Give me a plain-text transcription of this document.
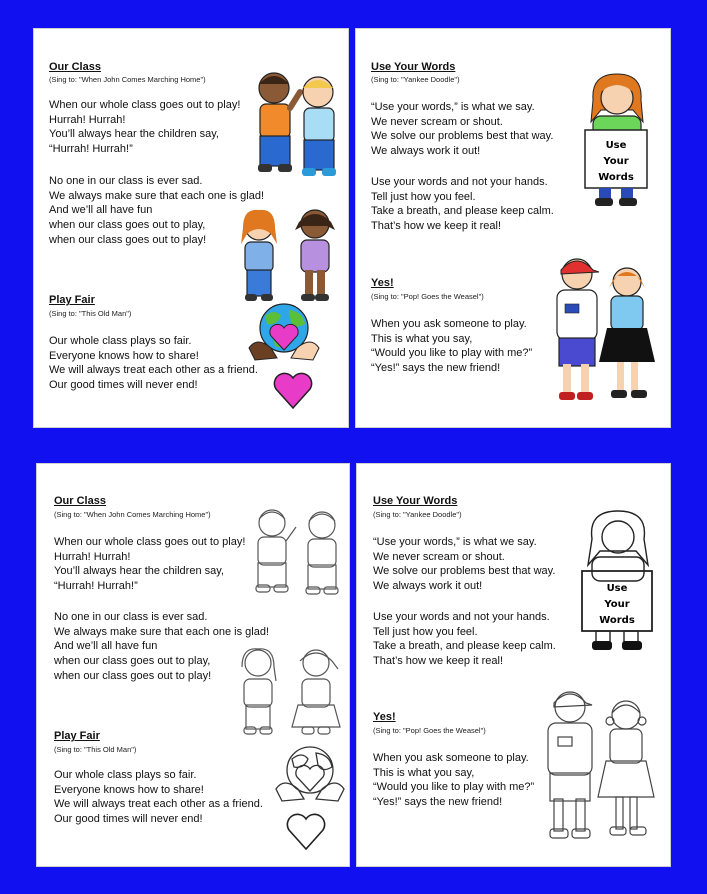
Our Class
(Sing to: "When John Comes Marching Home")
When our whole class goes out to play!
Hurrah! Hurrah!
You’ll always hear the children say,
“Hurrah! Hurrah!”
No one in our class is ever sad.
We always make sure that each one is glad!
And we’ll all have fun
when our class goes out to play,
when our class goes out to play!
Play Fair
(Sing to: "This Old Man")
Our whole class plays so fair.
Everyone knows how to share!
We will always treat each other as a friend.
Our good times will never end!
Use Your Words
(Sing to: "Yankee Doodle")
“Use your words,” is what we say.
We never scream or shout.
We solve our problems best that way.
We always work it out!
Use your words and not your hands.
Tell just how you feel.
Take a breath, and please keep calm.
That’s how we keep it real!
Yes!
(Sing to: "Pop! Goes the Weasel")
When you ask someone to play.
This is what you say,
“Would you like to play with me?”
“Yes!” says the new friend!
Use
Your
Words
Our Class
(Sing to: "When John Comes Marching Home")
When our whole class goes out to play!
Hurrah! Hurrah!
You’ll always hear the children say,
“Hurrah! Hurrah!”
No one in our class is ever sad.
We always make sure that each one is glad!
And we’ll all have fun
when our class goes out to play,
when our class goes out to play!
Play Fair
(Sing to: "This Old Man")
Our whole class plays so fair.
Everyone knows how to share!
We will always treat each other as a friend.
Our good times will never end!
Use Your Words
(Sing to: "Yankee Doodle")
“Use your words,” is what we say.
We never scream or shout.
We solve our problems best that way.
We always work it out!
Use your words and not your hands.
Tell just how you feel.
Take a breath, and please keep calm.
That’s how we keep it real!
Yes!
(Sing to: "Pop! Goes the Weasel")
When you ask someone to play.
This is what you say,
“Would you like to play with me?”
“Yes!” says the new friend!
Use
Your
Words
